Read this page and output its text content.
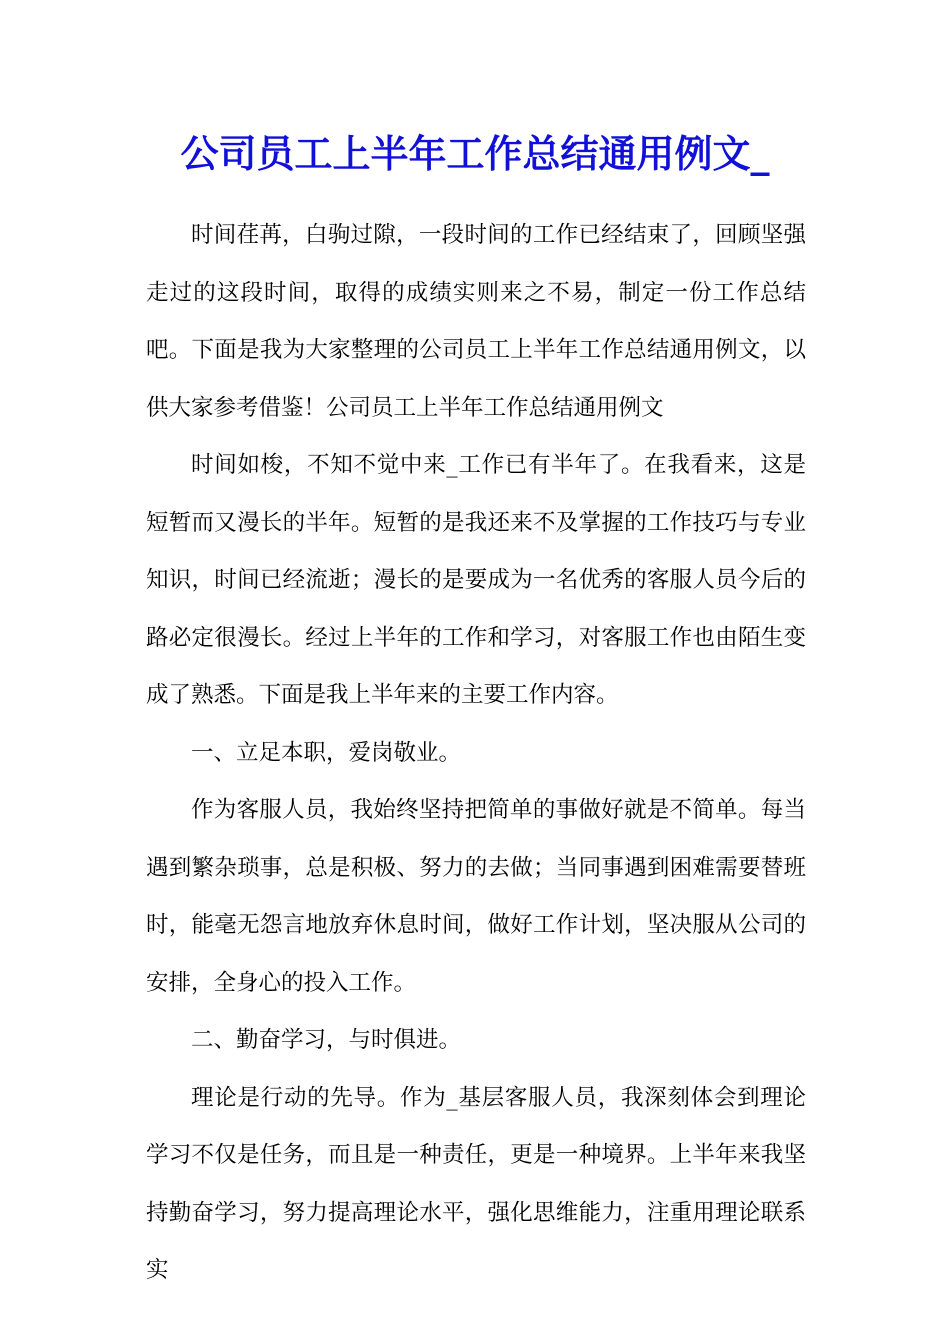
公司员工上半年工作总结通用例文_

时间荏苒，白驹过隙，一段时间的工作已经结束了，回顾坚强走过的这段时间，取得的成绩实则来之不易，制定一份工作总结吧。下面是我为大家整理的公司员工上半年工作总结通用例文，以供大家参考借鉴！公司员工上半年工作总结通用例文

时间如梭，不知不觉中来_工作已有半年了。在我看来，这是短暂而又漫长的半年。短暂的是我还来不及掌握的工作技巧与专业知识，时间已经流逝；漫长的是要成为一名优秀的客服人员今后的路必定很漫长。经过上半年的工作和学习，对客服工作也由陌生变成了熟悉。下面是我上半年来的主要工作内容。

一、立足本职，爱岗敬业。

作为客服人员，我始终坚持把简单的事做好就是不简单。每当遇到繁杂琐事，总是积极、努力的去做；当同事遇到困难需要替班时，能毫无怨言地放弃休息时间，做好工作计划，坚决服从公司的安排，全身心的投入工作。

二、勤奋学习，与时俱进。

理论是行动的先导。作为_基层客服人员，我深刻体会到理论学习不仅是任务，而且是一种责任，更是一种境界。上半年来我坚持勤奋学习，努力提高理论水平，强化思维能力，注重用理论联系实
